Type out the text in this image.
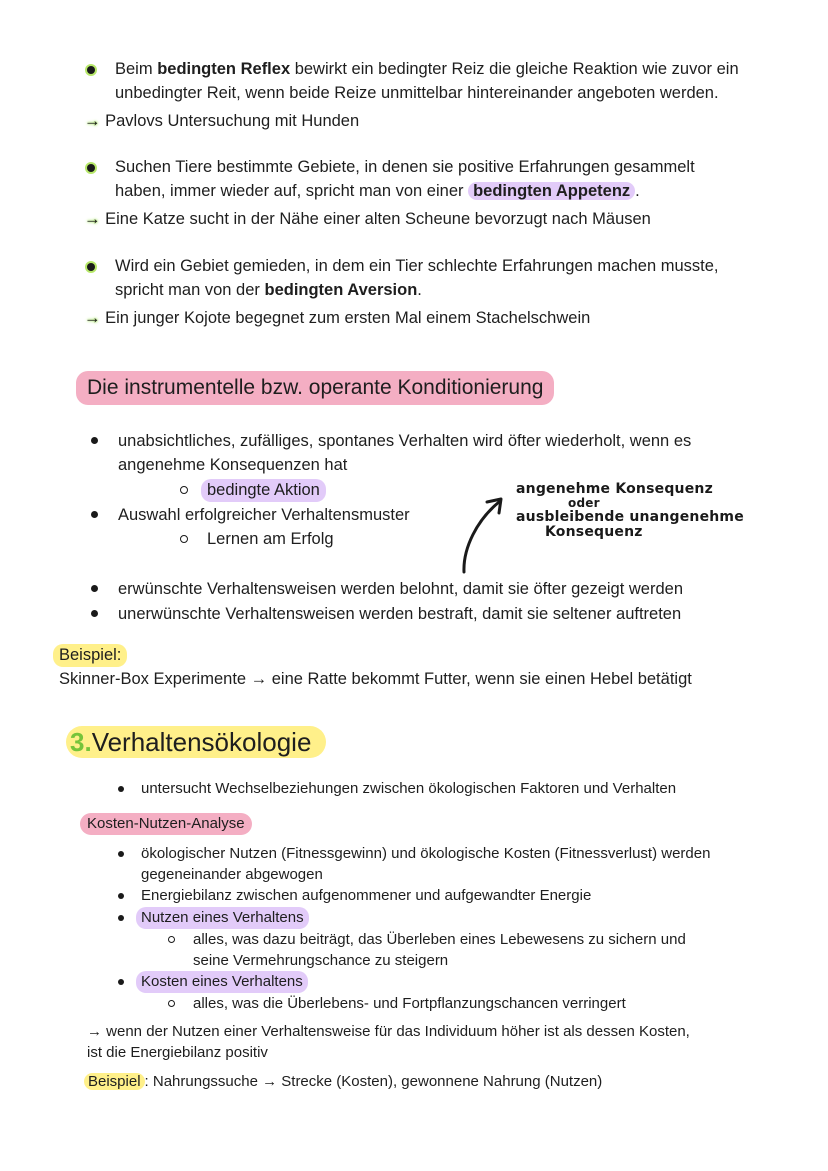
Beim bedingten Reflex bewirkt ein bedingter Reiz die gleiche Reaktion wie zuvor ein
unbedingter Reit, wenn beide Reize unmittelbar hintereinander angeboten werden.
→ Pavlovs Untersuchung mit Hunden
Suchen Tiere bestimmte Gebiete, in denen sie positive Erfahrungen gesammelt
haben, immer wieder auf, spricht man von einer bedingten Appetenz .
→ Eine Katze sucht in der Nähe einer alten Scheune bevorzugt nach Mäusen
Wird ein Gebiet gemieden, in dem ein Tier schlechte Erfahrungen machen musste,
spricht man von der bedingten Aversion.
→ Ein junger Kojote begegnet zum ersten Mal einem Stachelschwein
Die instrumentelle bzw. operante Konditionierung
unabsichtliches, zufälliges, spontanes Verhalten wird öfter wiederholt, wenn es
angenehme Konsequenzen hat
bedingte Aktion
Auswahl erfolgreicher Verhaltensmuster
Lernen am Erfolg
angenehme Konsequenz
oder
ausbleibende unangenehme
Konsequenz
erwünschte Verhaltensweisen werden belohnt, damit sie öfter gezeigt werden
unerwünschte Verhaltensweisen werden bestraft, damit sie seltener auftreten
Beispiel:
Skinner-Box Experimente → eine Ratte bekommt Futter, wenn sie einen Hebel betätigt
3.Verhaltensökologie
untersucht Wechselbeziehungen zwischen ökologischen Faktoren und Verhalten
Kosten-Nutzen-Analyse
ökologischer Nutzen (Fitnessgewinn) und ökologische Kosten (Fitnessverlust) werden
gegeneinander abgewogen
Energiebilanz zwischen aufgenommener und aufgewandter Energie
Nutzen eines Verhaltens
alles, was dazu beiträgt, das Überleben eines Lebewesens zu sichern und
seine Vermehrungschance zu steigern
Kosten eines Verhaltens
alles, was die Überlebens- und Fortpflanzungschancen verringert
→ wenn der Nutzen einer Verhaltensweise für das Individuum höher ist als dessen Kosten,
ist die Energiebilanz positiv
Beispiel : Nahrungssuche → Strecke (Kosten), gewonnene Nahrung (Nutzen)
